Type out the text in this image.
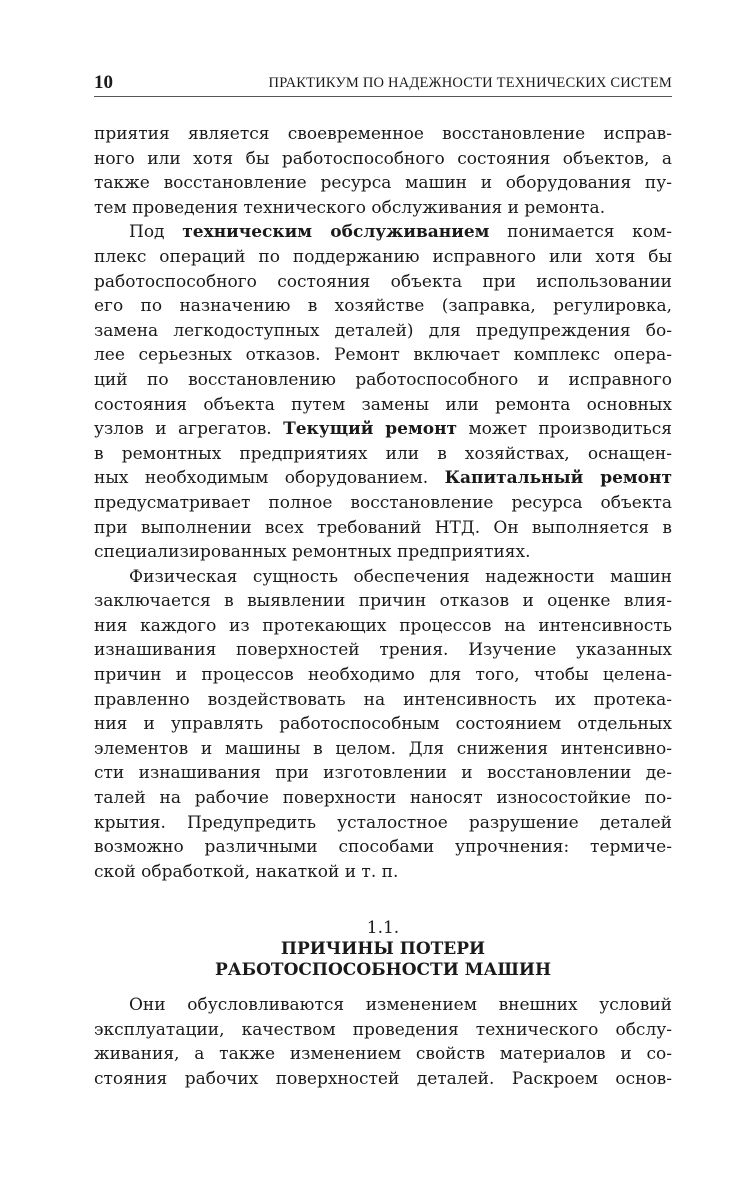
10	ПРАКТИКУМ ПО НАДЕЖНОСТИ ТЕХНИЧЕСКИХ СИСТЕМ
приятия является своевременное восстановление исправ-
ного или хотя бы работоспособного состояния объектов, а
также восстановление ресурса машин и оборудования пу-
тем проведения технического обслуживания и ремонта.
Под техническим обслуживанием понимается ком-
плекс операций по поддержанию исправного или хотя бы
работоспособного состояния объекта при использовании
его по назначению в хозяйстве (заправка, регулировка,
замена легкодоступных деталей) для предупреждения бо-
лее серьезных отказов. Ремонт включает комплекс опера-
ций по восстановлению работоспособного и исправного
состояния объекта путем замены или ремонта основных
узлов и агрегатов. Текущий ремонт может производиться
в ремонтных предприятиях или в хозяйствах, оснащен-
ных необходимым оборудованием. Капитальный ремонт
предусматривает полное восстановление ресурса объекта
при выполнении всех требований НТД. Он выполняется в
специализированных ремонтных предприятиях.
Физическая сущность обеспечения надежности машин
заключается в выявлении причин отказов и оценке влия-
ния каждого из протекающих процессов на интенсивность
изнашивания поверхностей трения. Изучение указанных
причин и процессов необходимо для того, чтобы целена-
правленно воздействовать на интенсивность их протека-
ния и управлять работоспособным состоянием отдельных
элементов и машины в целом. Для снижения интенсивно-
сти изнашивания при изготовлении и восстановлении де-
талей на рабочие поверхности наносят износостойкие по-
крытия. Предупредить усталостное разрушение деталей
возможно различными способами упрочнения: термиче-
ской обработкой, накаткой и т. п.
1.1.
ПРИЧИНЫ ПОТЕРИ
РАБОТОСПОСОБНОСТИ МАШИН
Они обусловливаются изменением внешних условий
эксплуатации, качеством проведения технического обслу-
живания, а также изменением свойств материалов и со-
стояния рабочих поверхностей деталей. Раскроем основ-
